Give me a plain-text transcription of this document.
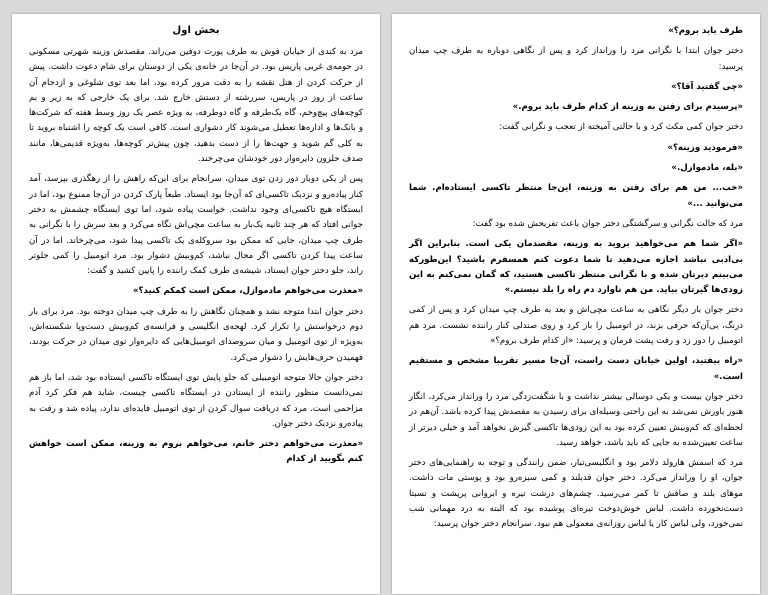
بخش اول

مرد به کندی از خیابان فوش به طرف پورت دوفین می‌راند. مقصدش وزینه شهرتی مسکونی در حومه‌ی غربی پاریس بود. در آن‌جا در خانه‌ی یکی از دوستان برای شام دعوت داشت. پیش از حرکت کردن از هتل نقشه را به دقت مرور کرده بود، اما بعد توی شلوغی و ازدحام آن ساعت از روز در پاریس، سررشته از دستش خارج شد. برای یک خارجی که به زیر و بم کوچه‌های پیچ‌وخم، گاه یک‌طرفه و گاه دوطرفه، به ویژه عصر یک روز وسط هفته که شرکت‌ها و بانک‌ها و اداره‌ها تعطیل می‌شوند کار دشواری است. کافی است یک کوچه را اشتباه بروید تا به کلی گم شوید و جهت‌ها را از دست بدهید، چون پیش‌تر کوچه‌ها، به‌ویژه قدیمی‌ها، مانند صدف حلزون دایره‌وار دور خودشان می‌چرخند.

پس از یکی دوبار دور زدن توی میدان، سرانجام برای این‌که راهش را از رهگذری بپرسد، آمد کنار پیاده‌رو و نزدیک تاکسی‌ای که آن‌جا بود ایستاد. طبعاً پارک کردن در آن‌جا ممنوع بود، اما در ایستگاه هیچ تاکسی‌ای وجود نداشت. خواست پیاده شود، اما توی ایستگاه چشمش به دختر جوانی افتاد که هر چند ثانیه یک‌بار به ساعت مچی‌اش نگاه می‌کرد و بعد سرش را با نگرانی به طرف چپ میدان، جایی که ممکن بود سروکله‌ی یک تاکسی پیدا شود، می‌چرخاند. اما در آن ساعت پیدا کردن تاکسی اگر محال نباشد، کم‌وبیش دشوار بود. مرد اتومبیل را کمی جلوتر راند، جلو دختر جوان ایستاد، شیشه‌ی طرف کمک راننده را پایین کشید و گفت:

«معذرت می‌خواهم مادموازل، ممکن است کمکم کنید؟»

دختر جوان ابتدا متوجه نشد و همچنان نگاهش را به طرف چپ میدان دوخته بود. مرد برای بار دوم درخواستش را تکرار کرد. لهجه‌ی انگلیسی و فرانسه‌ی کم‌وبیش دست‌وپا شکسته‌اش، به‌ویژه از توی اتومبیل و میان سروصدای اتومبیل‌هایی که دایره‌وار توی میدان در حرکت بودند، فهمیدن حرف‌هایش را دشوار می‌کرد.

دختر جوان حالا متوجه اتومبیلی که جلو پایش توی ایستگاه تاکسی ایستاده بود شد، اما باز هم نمی‌دانست منظور راننده از ایستادن در ایستگاه تاکسی چیست، شاید هم فکر کرد آدم مزاحمی است. مرد که دریافت سوال کردن از توی اتومبیل فایده‌ای ندارد، پیاده شد و رفت به پیاده‌رو نزدیک دختر جوان.

«معذرت می‌خواهم دختر خانم، می‌خواهم بروم به وزینه، ممکن است خواهش کنم بگویید از کدام

طرف باید بروم؟»

دختر جوان ابتدا با نگرانی مرد را ورانداز کرد و پس از نگاهی دوباره به طرف چپ میدان پرسید:

«چی گفتید آقا؟»

«پرسیدم برای رفتن به وزینه از کدام طرف باید بروم.»

دختر جوان کمی مکث کرد و با حالتی آمیخته از تعجب و نگرانی گفت:

«فرمودید وزینه؟»

«بله، مادموازل.»

«خب... من هم برای رفتن به وزینه، این‌جا منتظر تاکسی ایستاده‌ام. شما می‌توانید ...»

مرد که حالت نگرانی و سرگشتگی دختر جوان باعث تفریحش شده بود گفت:

«اگر شما هم می‌خواهید بروید به وزینه، مقصدمان یکی است. بنابراین اگر بی‌ادبی نباشد اجازه می‌دهید تا شما دعوت کنم همسفرم باشید؟ این‌طورکه می‌بینم دیرتان شده و با نگرانی منتظر تاکسی هستید، که گمان نمی‌کنم به این زودی‌ها گیرتان بیاید. من هم ناوارد دم راه را بلد نیستم.»

دختر جوان بار دیگر نگاهی به ساعت مچی‌اش و بعد به طرف چپ میدان کرد و پس از کمی درنگ، بی‌آن‌که حرفی بزند، در اتومبیل را باز کرد و روی صندلی کنار راننده نشست. مرد هم اتومبیل را دور زد و رفت پشت فرمان و پرسید: «از کدام طرف بروم؟»

«راه بیفتید، اولین خیابان دست راست، آن‌جا مسیر تقریبا مشخص و مستقیم است.»

دختر جوان بیست و یکی دوسالی بیشتر نداشت و با شگفت‌زدگی مرد را ورانداز می‌کرد، انگار هنوز باورش نمی‌شد به این راحتی وسیله‌ای برای رسیدن به مقصدش پیدا کرده باشد. آن‌هم در لحظه‌ای که کم‌وبیش تعیین کرده بود به این زودی‌ها تاکسی گیرش نخواهد آمد و خیلی دیرتر از ساعت تعیین‌شده به جایی که باید باشد، خواهد رسید.

مرد که اسمش هارولد دلامر بود و انگلیسی‌تبار، ضمن رانندگی و توجه به راهنمایی‌های دختر جوان، او را ورانداز می‌کرد. دختر جوان قدبلند و کمی سبزه‌رو بود و پوستی مات داشت. موهای بلند و صافش تا کمر می‌رسید. چشم‌های درشت تیره و ابروانی پرپشت و نسبتا دست‌نخورده داشت. لباس خوش‌دوخت تیره‌ای پوشیده بود که البته به درد مهمانی شب نمی‌خورد، ولی لباس کار یا لباس روزانه‌ی معمولی هم نبود. سرانجام دختر جوان پرسید:
